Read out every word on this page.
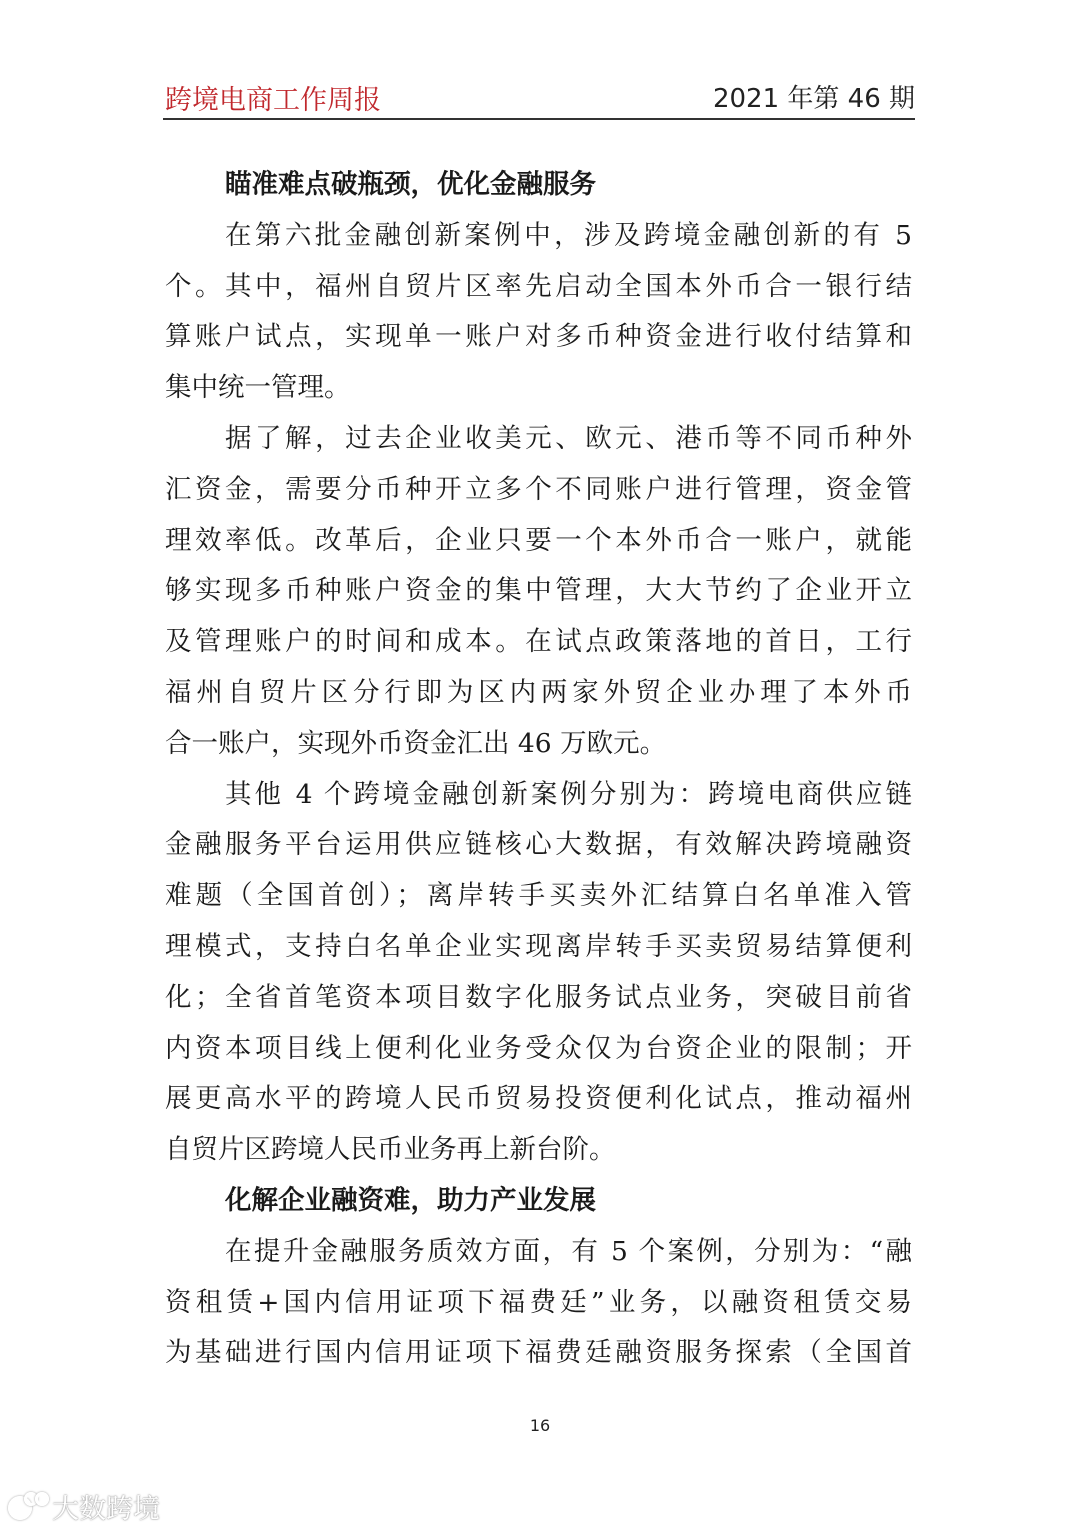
跨境电商工作周报	2021 年第 46 期
瞄准难点破瓶颈，优化金融服务
在第六批金融创新案例中，涉及跨境金融创新的有 5
个。其中，福州自贸片区率先启动全国本外币合一银行结
算账户试点，实现单一账户对多币种资金进行收付结算和
集中统一管理。
据了解，过去企业收美元、欧元、港币等不同币种外
汇资金，需要分币种开立多个不同账户进行管理，资金管
理效率低。改革后，企业只要一个本外币合一账户，就能
够实现多币种账户资金的集中管理，大大节约了企业开立
及管理账户的时间和成本。在试点政策落地的首日，工行
福州自贸片区分行即为区内两家外贸企业办理了本外币
合一账户，实现外币资金汇出 46 万欧元。
其他 4 个跨境金融创新案例分别为：跨境电商供应链
金融服务平台运用供应链核心大数据，有效解决跨境融资
难题（全国首创）；离岸转手买卖外汇结算白名单准入管
理模式，支持白名单企业实现离岸转手买卖贸易结算便利
化；全省首笔资本项目数字化服务试点业务，突破目前省
内资本项目线上便利化业务受众仅为台资企业的限制；开
展更高水平的跨境人民币贸易投资便利化试点，推动福州
自贸片区跨境人民币业务再上新台阶。
化解企业融资难，助力产业发展
在提升金融服务质效方面，有 5 个案例，分别为：“融
资租赁+国内信用证项下福费廷”业务，以融资租赁交易
为基础进行国内信用证项下福费廷融资服务探索（全国首
16
大数跨境
